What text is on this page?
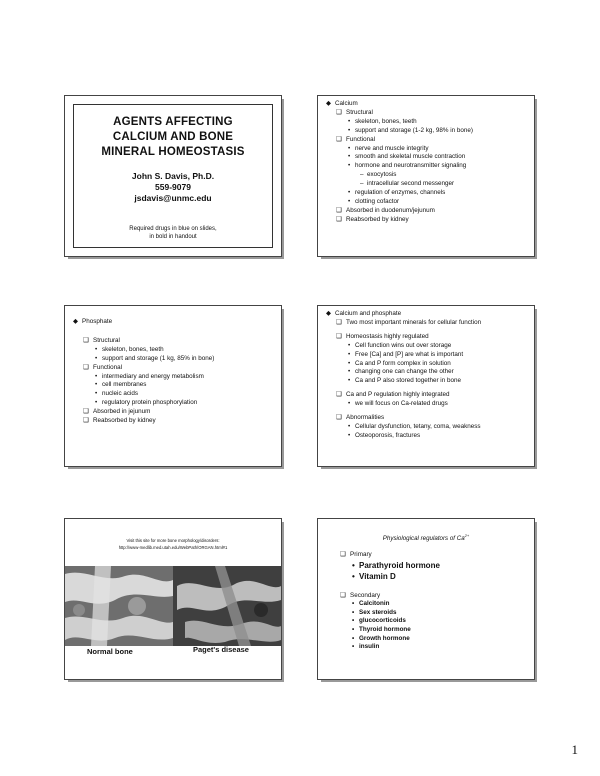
AGENTS AFFECTING
CALCIUM AND BONE
MINERAL HOMEOSTASIS
John S. Davis, Ph.D.
559-9079
jsdavis@unmc.edu
Required drugs in blue on slides,
in bold in handout
◆ Calcium
❑ Structural
• skeleton, bones, teeth
• support and storage (1-2 kg, 98% in bone)
❑ Functional
• nerve and muscle integrity
• smooth and skeletal muscle contraction
• hormone and neurotransmitter signaling
– exocytosis
– intracellular second messenger
• regulation of enzymes, channels
• clotting cofactor
❑ Absorbed in duodenum/jejunum
❑ Reabsorbed by kidney
◆ Phosphate
❑ Structural
• skeleton, bones, teeth
• support and storage (1 kg, 85% in bone)
❑ Functional
• intermediary and energy metabolism
• cell membranes
• nucleic acids
• regulatory protein phosphorylation
❑ Absorbed in jejunum
❑ Reabsorbed by kidney
◆ Calcium and phosphate
❑ Two most important minerals for cellular function
❑ Homeostasis highly regulated
• Cell function wins out over storage
• Free [Ca] and [P] are what is important
• Ca and P form complex in solution
• changing one can change the other
• Ca and P also stored together in bone
❑ Ca and P regulation highly integrated
• we will focus on Ca-related drugs
❑ Abnormalities
• Cellular dysfunction, tetany, coma, weakness
• Osteoporosis, fractures
Visit this site for more bone morphology/disorders:
http://www-medlib.med.utah.edu/WebPath/ORGAN.html#1
Normal bone	Paget's disease
Physiological regulators of $Ca^{2+}$
❑ Primary
• Parathyroid hormone
• Vitamin D
❑ Secondary
• Calcitonin
• Sex steroids
• glucocorticoids
• Thyroid hormone
• Growth hormone
• insulin
1
